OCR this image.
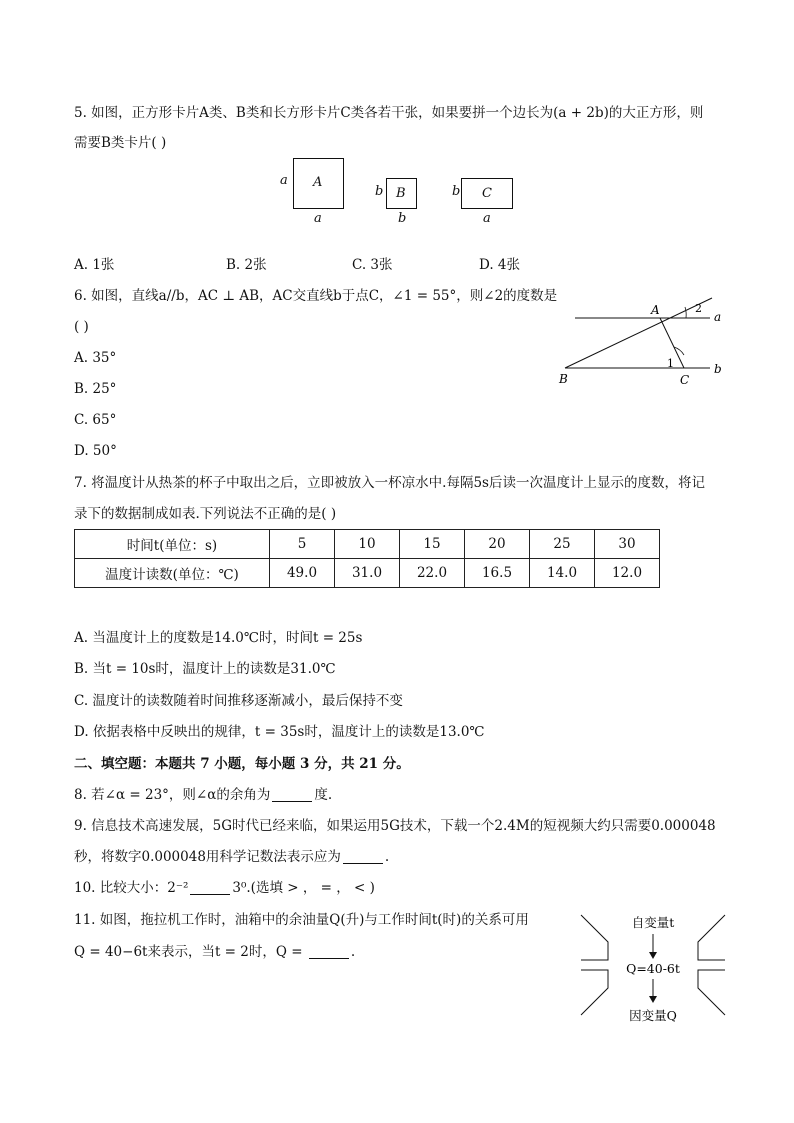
5. 如图，正方形卡片A类、B类和长方形卡片C类各若干张，如果要拼一个边长为(a + 2b)的大正方形，则
需要B类卡片( )
A
a
a
B
b
b
C
b
a
A. 1张	B. 2张	C. 3张	D. 4张
6. 如图，直线a//b，AC ⊥ AB，AC交直线b于点C，∠1 = 55°，则∠2的度数是
( )
A. 35°
B. 25°
C. 65°
D. 50°
A
B	C
a
b
1
2
7. 将温度计从热茶的杯子中取出之后，立即被放入一杯凉水中.每隔5s后读一次温度计上显示的度数，将记
录下的数据制成如表.下列说法不正确的是( )
时间t(单位：s)	5	10	15	20	25	30
温度计读数(单位：℃)	49.0	31.0	22.0	16.5	14.0	12.0
A. 当温度计上的度数是14.0℃时，时间t = 25s
B. 当t = 10s时，温度计上的读数是31.0℃
C. 温度计的读数随着时间推移逐渐减小，最后保持不变
D. 依据表格中反映出的规律，t = 35s时，温度计上的读数是13.0℃
二、填空题：本题共 7 小题，每小题 3 分，共 21 分。
8. 若∠α = 23°，则∠α的余角为	度.
9. 信息技术高速发展，5G时代已经来临，如果运用5G技术，下载一个2.4M的短视频大约只需要0.000048
秒，将数字0.000048用科学记数法表示应为	.
10. 比较大小：2⁻²	3⁰.(选填 > ， = ， < )
11. 如图，拖拉机工作时，油箱中的余油量Q(升)与工作时间t(时)的关系可用
Q = 40−6t来表示，当t = 2时，Q =	.
自变量t
Q=40-6t
因变量Q
